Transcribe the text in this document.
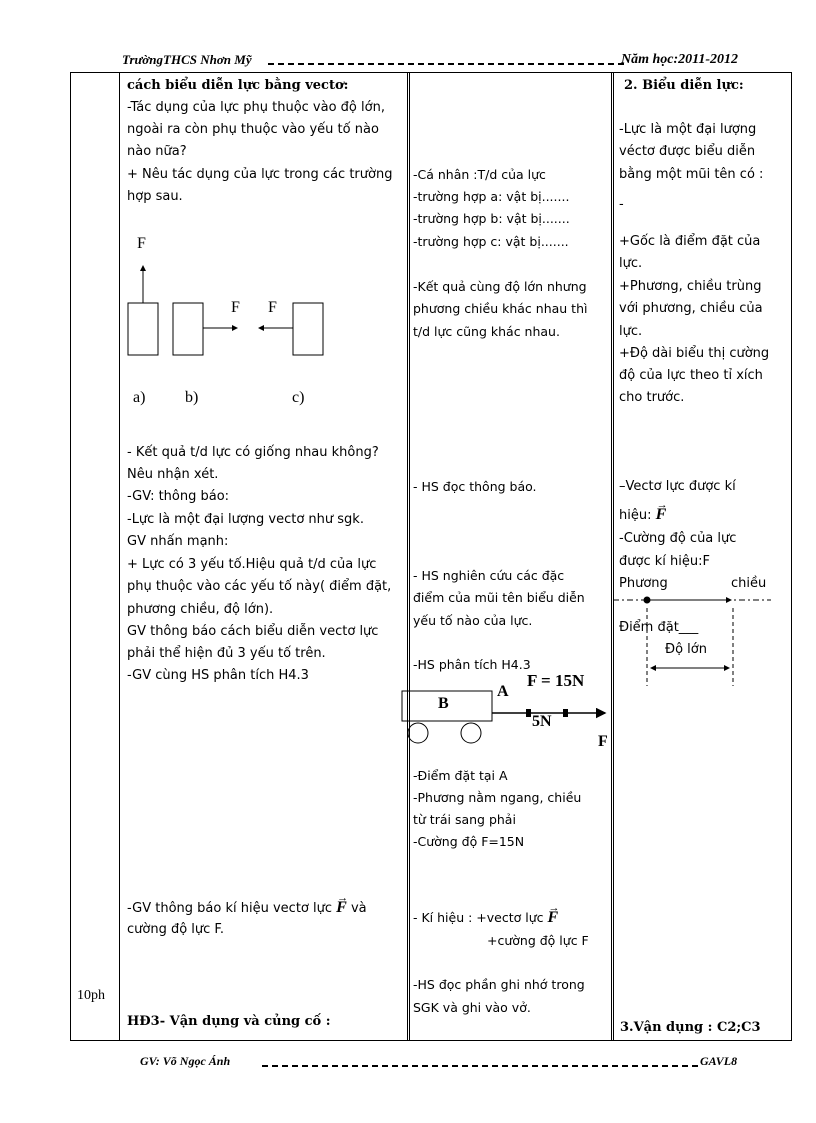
TrườngTHCS Nhơn Mỹ	Năm học:2011-2012
10ph
cách biểu diễn lực bằng vectơ:
-Tác dụng của lực phụ thuộc vào độ lớn,
ngoài ra còn phụ thuộc vào yếu tố nào
nào nữa?
+ Nêu tác dụng của lực trong các trường
hợp sau.
F
F F
a) b)	c)
- Kết quả t/d lực có giống nhau không?
Nêu nhận xét.
-GV: thông báo:
-Lực là một đại lượng vectơ như sgk.
GV nhấn mạnh:
+ Lực có 3 yếu tố.Hiệu quả t/d của lực
phụ thuộc vào các yếu tố này( điểm đặt,
phương chiều, độ lớn).
GV thông báo cách biểu diễn vectơ lực
phải thể hiện đủ 3 yếu tố trên.
-GV cùng HS phân tích H4.3
-GV thông báo kí hiệu vectơ lực → F và
cường độ lực F.
HĐ3- Vận dụng và củng cố :
-Cá nhân :T/d của lực
-trường hợp a: vật bị.......
-trường hợp b: vật bị.......
-trường hợp c: vật bị.......
-Kết quả cùng độ lớn nhưng
phương chiều khác nhau thì
t/d lực cũng khác nhau.
- HS đọc thông báo.
- HS nghiên cứu các đặc
điểm của mũi tên biểu diễn
yếu tố nào của lực.
-HS phân tích H4.3
B
A
F = 15N
5N
F
-Điểm đặt tại A
-Phương nằm ngang, chiều
từ trái sang phải
-Cường độ F=15N
- Kí hiệu : +vectơ lực → F
+cường độ lực F
-HS đọc phần ghi nhớ trong
SGK và ghi vào vở.
2. Biểu diễn lực:
-Lực là một đại lượng
véctơ được biểu diễn
bằng một mũi tên có :
-
+Gốc là điểm đặt của
lực.
+Phương, chiều trùng
với phương, chiều của
lực.
+Độ dài biểu thị cường
độ của lực theo tỉ xích
cho trước.
–Vectơ lực được kí
hiệu: → F
-Cường độ của lực
được kí hiệu:F
Phương	chiều
Điểm đặt___
Độ lớn
3.Vận dụng : C2;C3
GV: Võ Ngọc Ánh	GAVL8
